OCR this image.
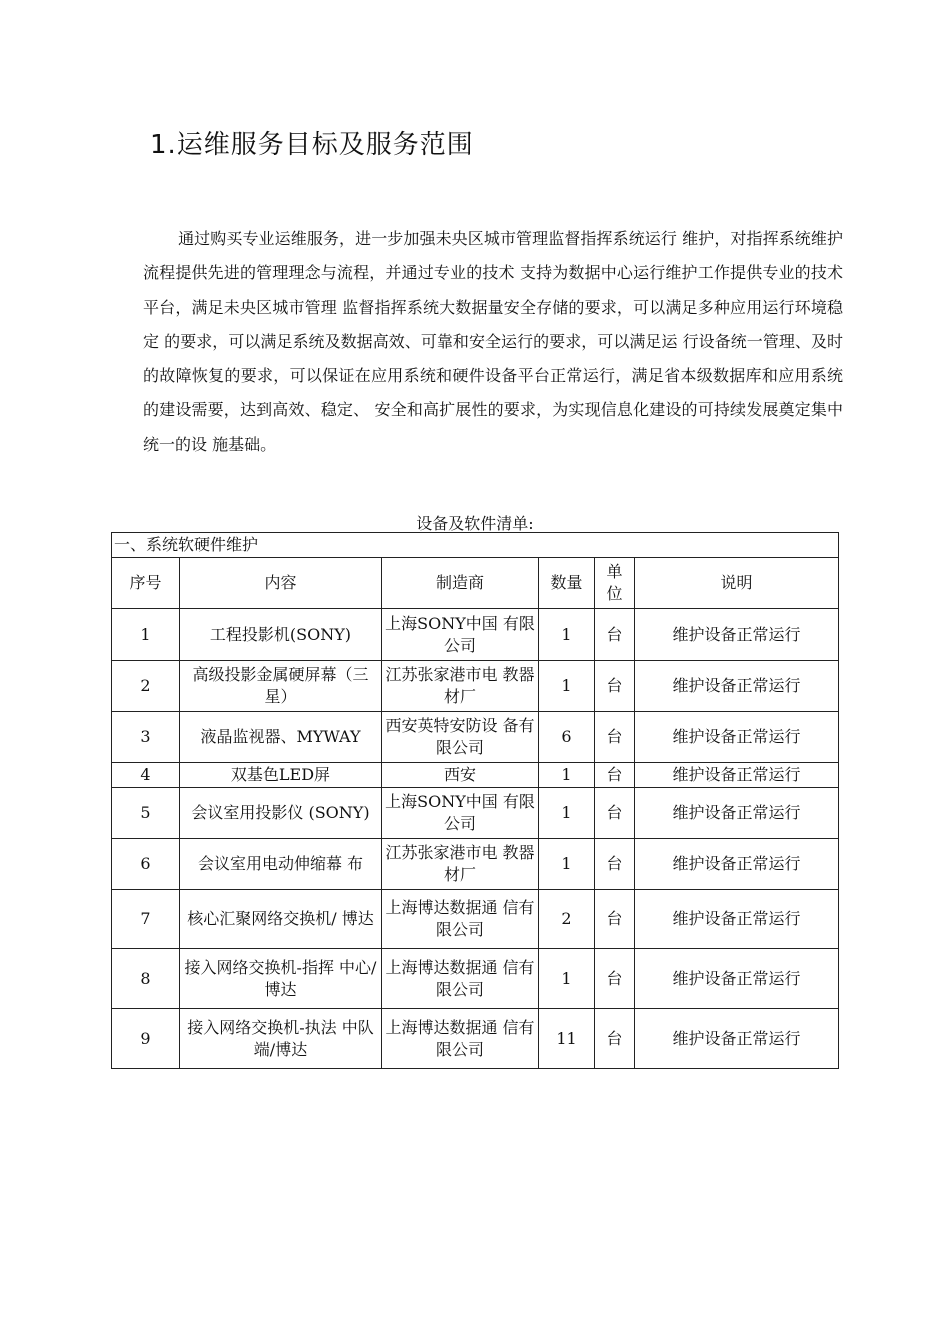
1.运维服务目标及服务范围
通过购买专业运维服务，进一步加强未央区城市管理监督指挥系统运行 维护，对指挥系统维护流程提供先进的管理理念与流程，并通过专业的技术 支持为数据中心运行维护工作提供专业的技术平台，满足未央区城市管理 监督指挥系统大数据量安全存储的要求，可以满足多种应用运行环境稳定 的要求，可以满足系统及数据高效、可靠和安全运行的要求，可以满足运 行设备统一管理、及时的故障恢复的要求，可以保证在应用系统和硬件设备平台正常运行，满足省本级数据库和应用系统的建设需要，达到高效、稳定、 安全和高扩展性的要求，为实现信息化建设的可持续发展奠定集中统一的设 施基础。
设备及软件清单:
一、系统软硬件维护					
序号	内容	制造商	数量	单位	说明
1	工程投影机(SONY)	上海SONY中国 有限公司	1	台	维护设备正常运行
2	高级投影金属硬屏幕（三星）	江苏张家港市电 教器材厂	1	台	维护设备正常运行
3	液晶监视器、MYWAY	西安英特安防设 备有限公司	6	台	维护设备正常运行
4	双基色LED屏	西安	1	台	维护设备正常运行
5	会议室用投影仪 (SONY)	上海SONY中国 有限公司	1	台	维护设备正常运行
6	会议室用电动伸缩幕 布	江苏张家港市电 教器材厂	1	台	维护设备正常运行
7	核心汇聚网络交换机/ 博达	上海博达数据通 信有限公司	2	台	维护设备正常运行
8	接入网络交换机-指挥 中心/博达	上海博达数据通 信有限公司	1	台	维护设备正常运行
9	接入网络交换机-执法 中队端/博达	上海博达数据通 信有限公司	11	台	维护设备正常运行
